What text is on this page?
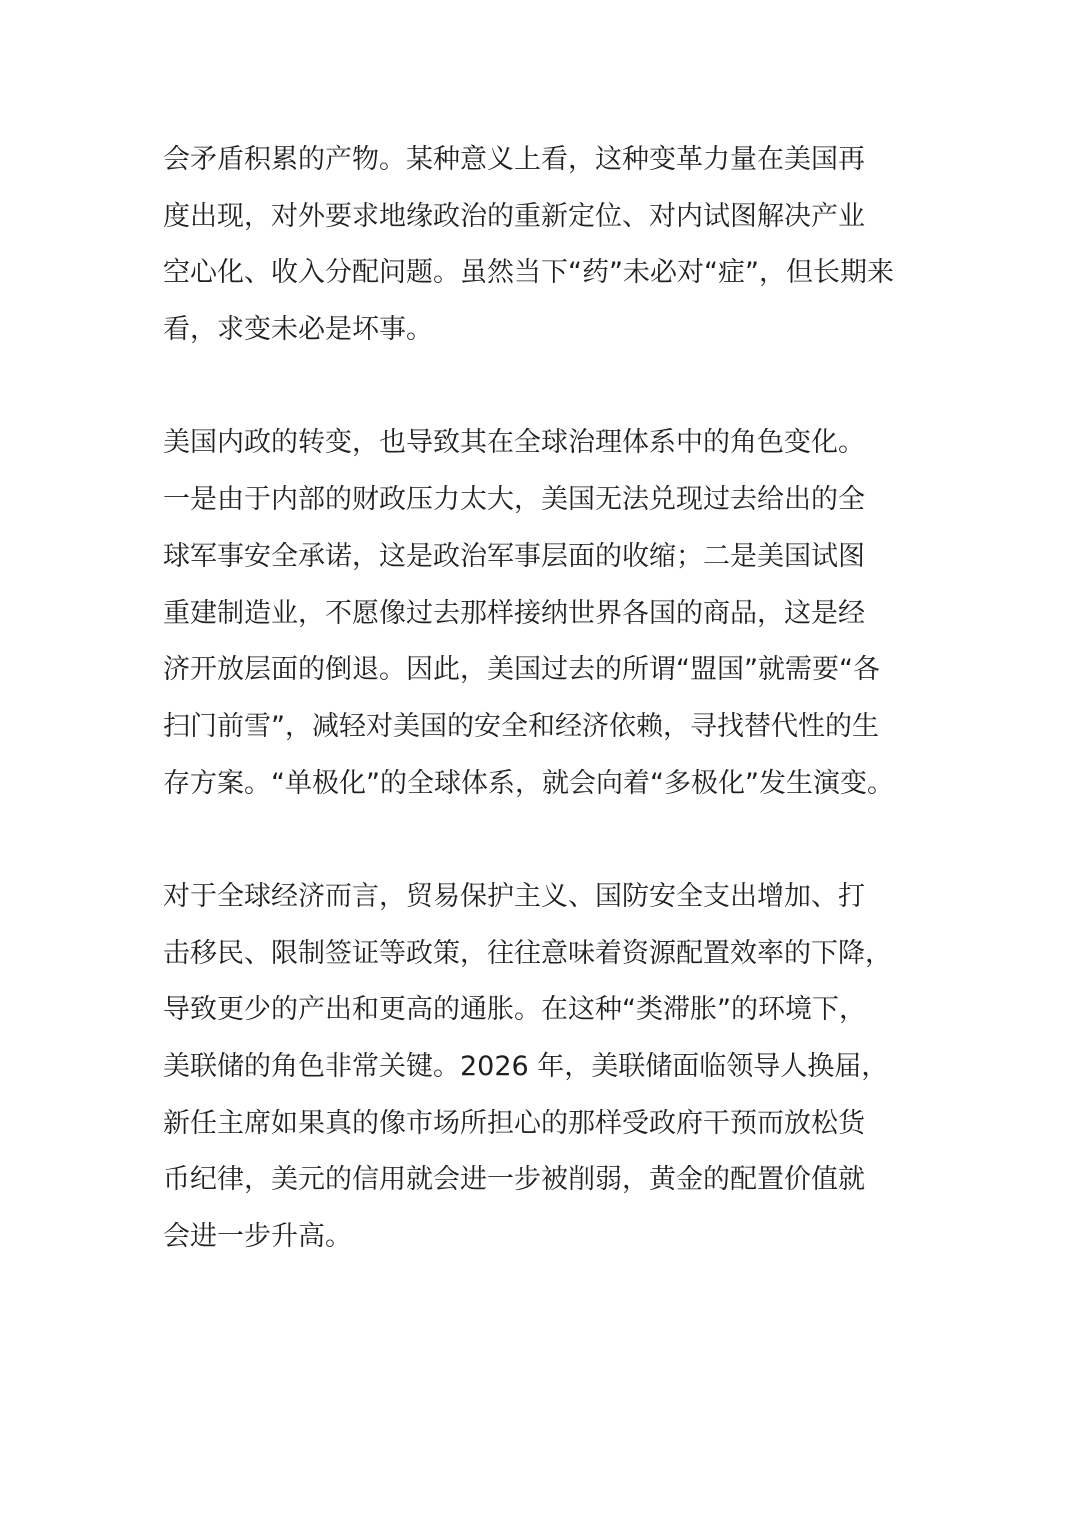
会矛盾积累的产物。某种意义上看，这种变革力量在美国再
度出现，对外要求地缘政治的重新定位、对内试图解决产业
空心化、收入分配问题。虽然当下“药”未必对“症”，但长期来
看，求变未必是坏事。
美国内政的转变，也导致其在全球治理体系中的角色变化。
一是由于内部的财政压力太大，美国无法兑现过去给出的全
球军事安全承诺，这是政治军事层面的收缩；二是美国试图
重建制造业，不愿像过去那样接纳世界各国的商品，这是经
济开放层面的倒退。因此，美国过去的所谓“盟国”就需要“各
扫门前雪”，减轻对美国的安全和经济依赖，寻找替代性的生
存方案。“单极化”的全球体系，就会向着“多极化”发生演变。
对于全球经济而言，贸易保护主义、国防安全支出增加、打
击移民、限制签证等政策，往往意味着资源配置效率的下降，
导致更少的产出和更高的通胀。在这种“类滞胀”的环境下，
美联储的角色非常关键。2026 年，美联储面临领导人换届，
新任主席如果真的像市场所担心的那样受政府干预而放松货
币纪律，美元的信用就会进一步被削弱，黄金的配置价值就
会进一步升高。
